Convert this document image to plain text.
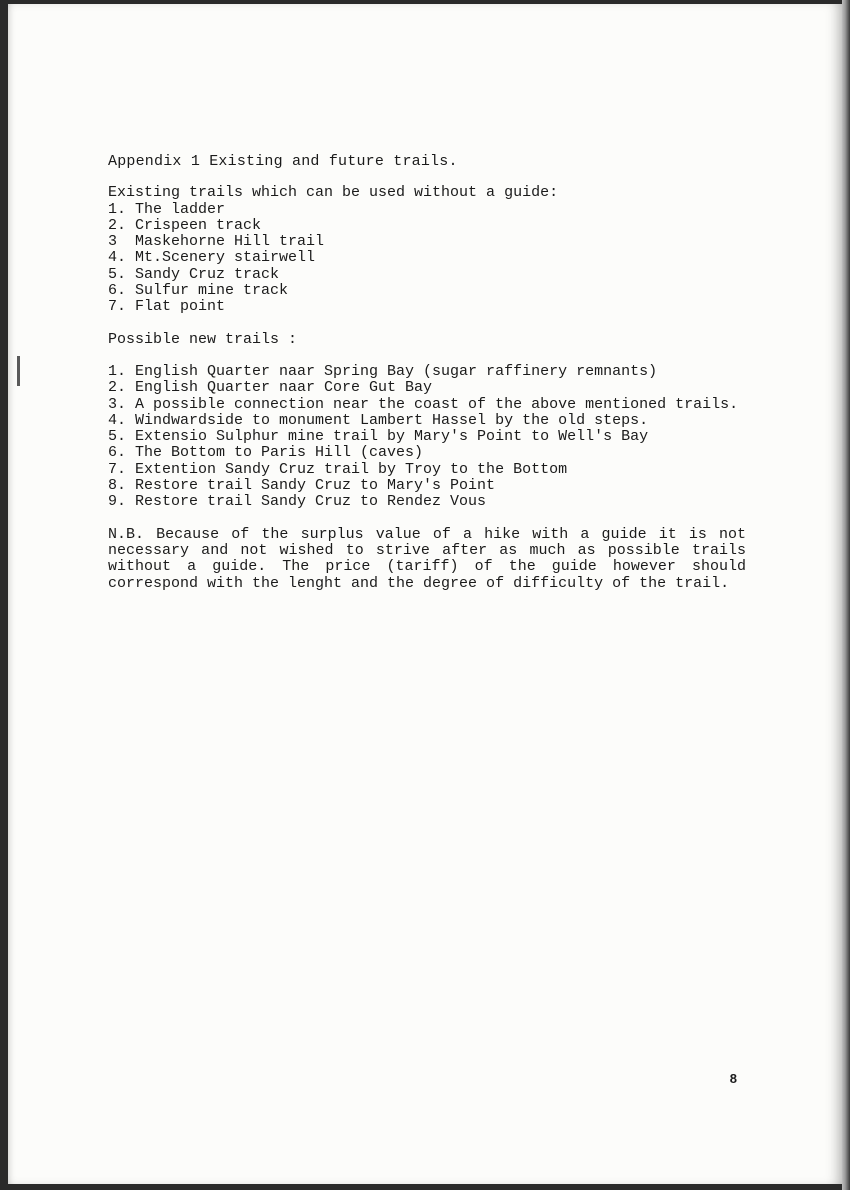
Appendix 1 Existing and future trails.

Existing trails which can be used without a guide:

1. The ladder
2. Crispeen track
3  Maskehorne Hill trail
4. Mt.Scenery stairwell
5. Sandy Cruz track
6. Sulfur mine track
7. Flat point

Possible new trails :

1. English Quarter naar Spring Bay (sugar raffinery remnants)
2. English Quarter naar Core Gut Bay
3. A possible connection near the coast of the above mentioned trails.
4. Windwardside to monument Lambert Hassel by the old steps.
5. Extensio Sulphur mine trail by Mary's Point to Well's Bay
6. The Bottom to Paris Hill (caves)
7. Extention Sandy Cruz trail by Troy to the Bottom
8. Restore trail Sandy Cruz to Mary's Point
9. Restore trail Sandy Cruz to Rendez Vous

N.B. Because of the surplus value of a hike with a guide it is not necessary and not wished to strive after as much as possible trails without a guide. The price (tariff) of the guide however should correspond with the lenght and the degree of difficulty of the trail.

8
